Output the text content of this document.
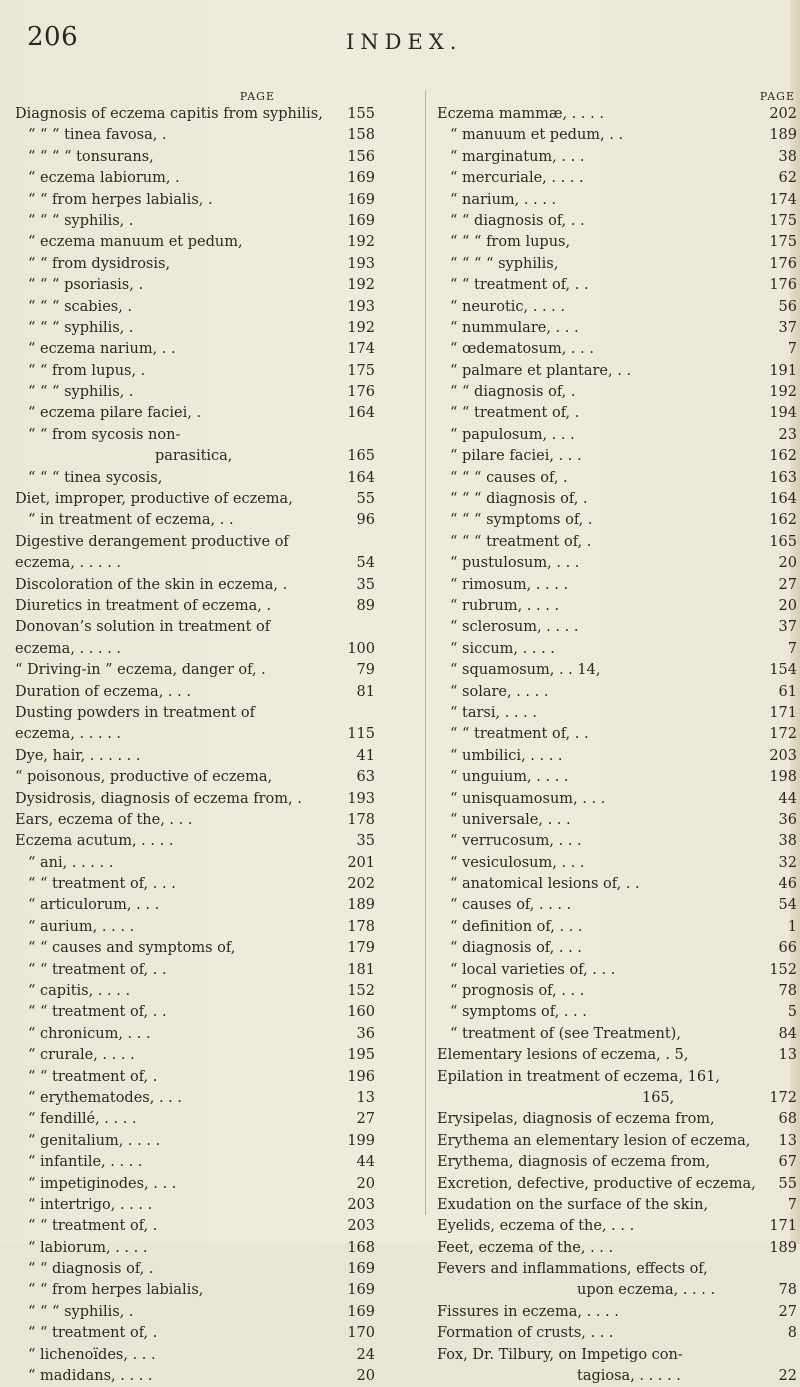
206	INDEX.
PAGE
Diagnosis of eczema capitis from syphilis, 155
“ “ “ tinea favosa, .	158
“ “ “ “ tonsurans,	156
“ eczema labiorum, .	169
“ “ from herpes labialis, .	169
“ “ “ syphilis, .	169
“ eczema manuum et pedum,	192
“ “ from dysidrosis,	193
“ “ “ psoriasis, .	192
“ “ “ scabies, .	193
“ “ “ syphilis, .	192
“ eczema narium, . .	174
“ “ from lupus, .	175
“ “ “ syphilis, .	176
“ eczema pilare faciei, .	164
“ “ from sycosis non-
parasitica,	165
“ “ “ tinea sycosis,	164
Diet, improper, productive of eczema,	55
“ in treatment of eczema, . .	96
Digestive derangement productive of
eczema, . . . . .	54
Discoloration of the skin in eczema, .	35
Diuretics in treatment of eczema, .	89
Donovan’s solution in treatment of
eczema, . . . . .	100
“ Driving-in ” eczema, danger of, .	79
Duration of eczema, . . .	81
Dusting powders in treatment of
eczema, . . . . .	115
Dye, hair, . . . . . .	41
“ poisonous, productive of eczema,	63
Dysidrosis, diagnosis of eczema from, .	193
Ears, eczema of the, . . .	178
Eczema acutum, . . . .	35
“ ani, . . . . .	201
“ “ treatment of, . . .	202
“ articulorum, . . .	189
“ aurium, . . . .	178
“ “ causes and symptoms of,	179
“ “ treatment of, . .	181
“ capitis, . . . .	152
“ “ treatment of, . .	160
“ chronicum, . . .	36
“ crurale, . . . .	195
“ “ treatment of, .	196
“ erythematodes, . . .	13
“ fendillé, . . . .	27
“ genitalium, . . . .	199
“ infantile, . . . .	44
“ impetiginodes, . . .	20
“ intertrigo, . . . .	203
“ “ treatment of, .	203
“ labiorum, . . . .	168
“ “ diagnosis of, .	169
“ “ from herpes labialis,	169
“ “ “ syphilis, .	169
“ “ treatment of, .	170
“ lichenoïdes, . . .	24
“ madidans, . . . .	20
PAGE
Eczema mammæ, . . . .	202
“ manuum et pedum, . .	189
“ marginatum, . . .	38
“ mercuriale, . . . .	62
“ narium, . . . .	174
“ “ diagnosis of, . .	175
“ “ “ from lupus,	175
“ “ “ “ syphilis,	176
“ “ treatment of, . .	176
“ neurotic, . . . .	56
“ nummulare, . . .	37
“ œdematosum, . . .	7
“ palmare et plantare, . .	191
“ “ diagnosis of, .	192
“ “ treatment of, .	194
“ papulosum, . . .	23
“ pilare faciei, . . .	162
“ “ “ causes of, .	163
“ “ “ diagnosis of, .	164
“ “ “ symptoms of, .	162
“ “ “ treatment of, .	165
“ pustulosum, . . .	20
“ rimosum, . . . .	27
“ rubrum, . . . .	20
“ sclerosum, . . . .	37
“ siccum, . . . .	7
“ squamosum, . . 14,	154
“ solare, . . . .	61
“ tarsi, . . . .	171
“ “ treatment of, . .	172
“ umbilici, . . . .	203
“ unguium, . . . .	198
“ unisquamosum, . . .	44
“ universale, . . .	36
“ verrucosum, . . .	38
“ vesiculosum, . . .	32
“ anatomical lesions of, . .	46
“ causes of, . . . .	54
“ definition of, . . .	1
“ diagnosis of, . . .	66
“ local varieties of, . . .	152
“ prognosis of, . . .	78
“ symptoms of, . . .	5
“ treatment of (see Treatment),	84
Elementary lesions of eczema, . 5,	13
Epilation in treatment of eczema, 161,
165,	172
Erysipelas, diagnosis of eczema from,	68
Erythema an elementary lesion of eczema, 13
Erythema, diagnosis of eczema from,	67
Excretion, defective, productive of eczema, 55
Exudation on the surface of the skin,	7
Eyelids, eczema of the, . . .	171
Feet, eczema of the, . . .	189
Fevers and inflammations, effects of,
upon eczema, . . . .	78
Fissures in eczema, . . . .	27
Formation of crusts, . . .	8
Fox, Dr. Tilbury, on Impetigo con-
tagiosa, . . . . .	22
